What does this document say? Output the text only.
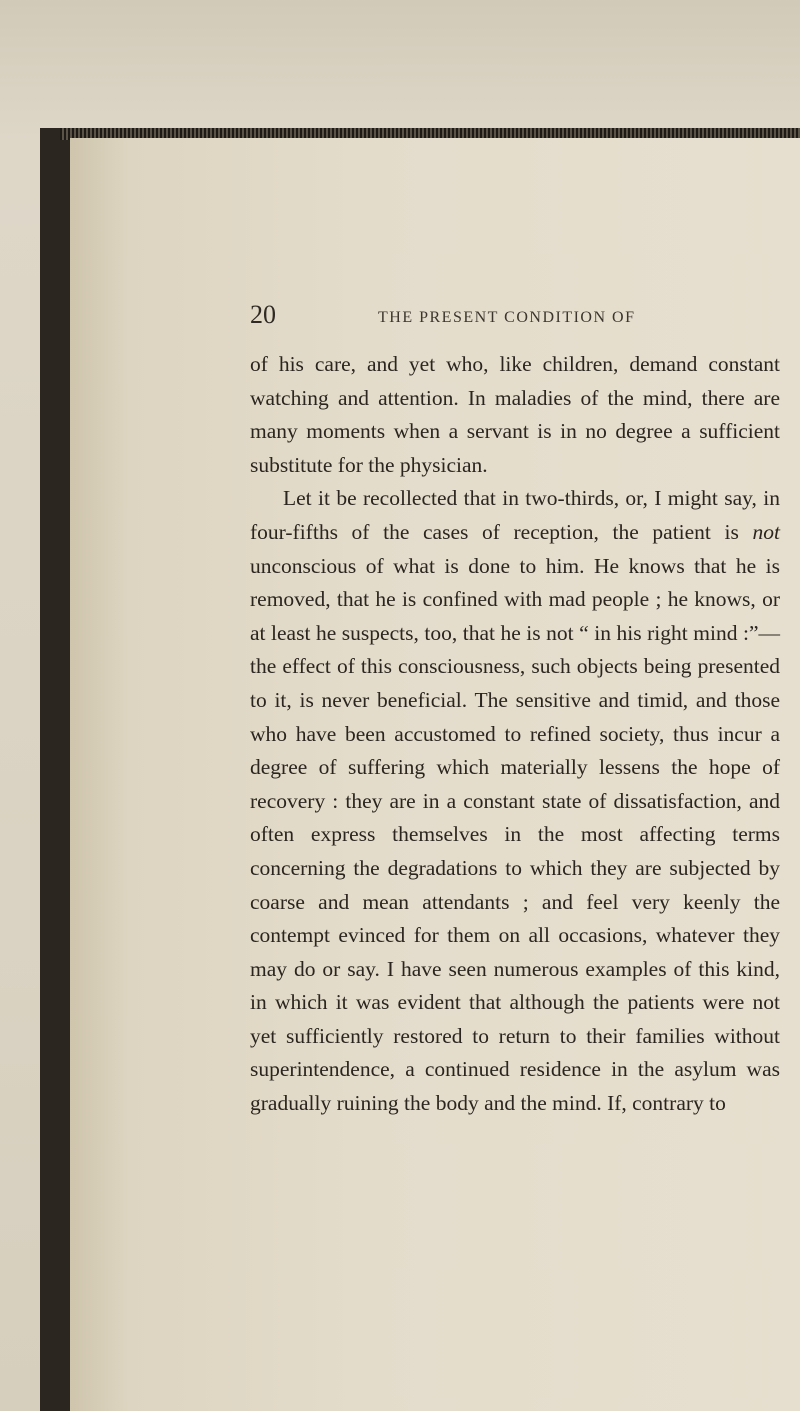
20	THE PRESENT CONDITION OF

of his care, and yet who, like children, demand constant watching and attention. In maladies of the mind, there are many moments when a servant is in no degree a sufficient substitute for the physician.

Let it be recollected that in two-thirds, or, I might say, in four-fifths of the cases of reception, the patient is not unconscious of what is done to him. He knows that he is removed, that he is confined with mad people ; he knows, or at least he suspects, too, that he is not “ in his right mind :”—the effect of this consciousness, such objects being presented to it, is never beneficial. The sensitive and timid, and those who have been accustomed to refined society, thus incur a degree of suffering which materially lessens the hope of recovery : they are in a constant state of dissatisfaction, and often express themselves in the most affecting terms concerning the degradations to which they are subjected by coarse and mean attendants ; and feel very keenly the contempt evinced for them on all occasions, whatever they may do or say. I have seen numerous examples of this kind, in which it was evident that although the patients were not yet sufficiently restored to return to their families without superintendence, a continued residence in the asylum was gradually ruining the body and the mind. If, contrary to
